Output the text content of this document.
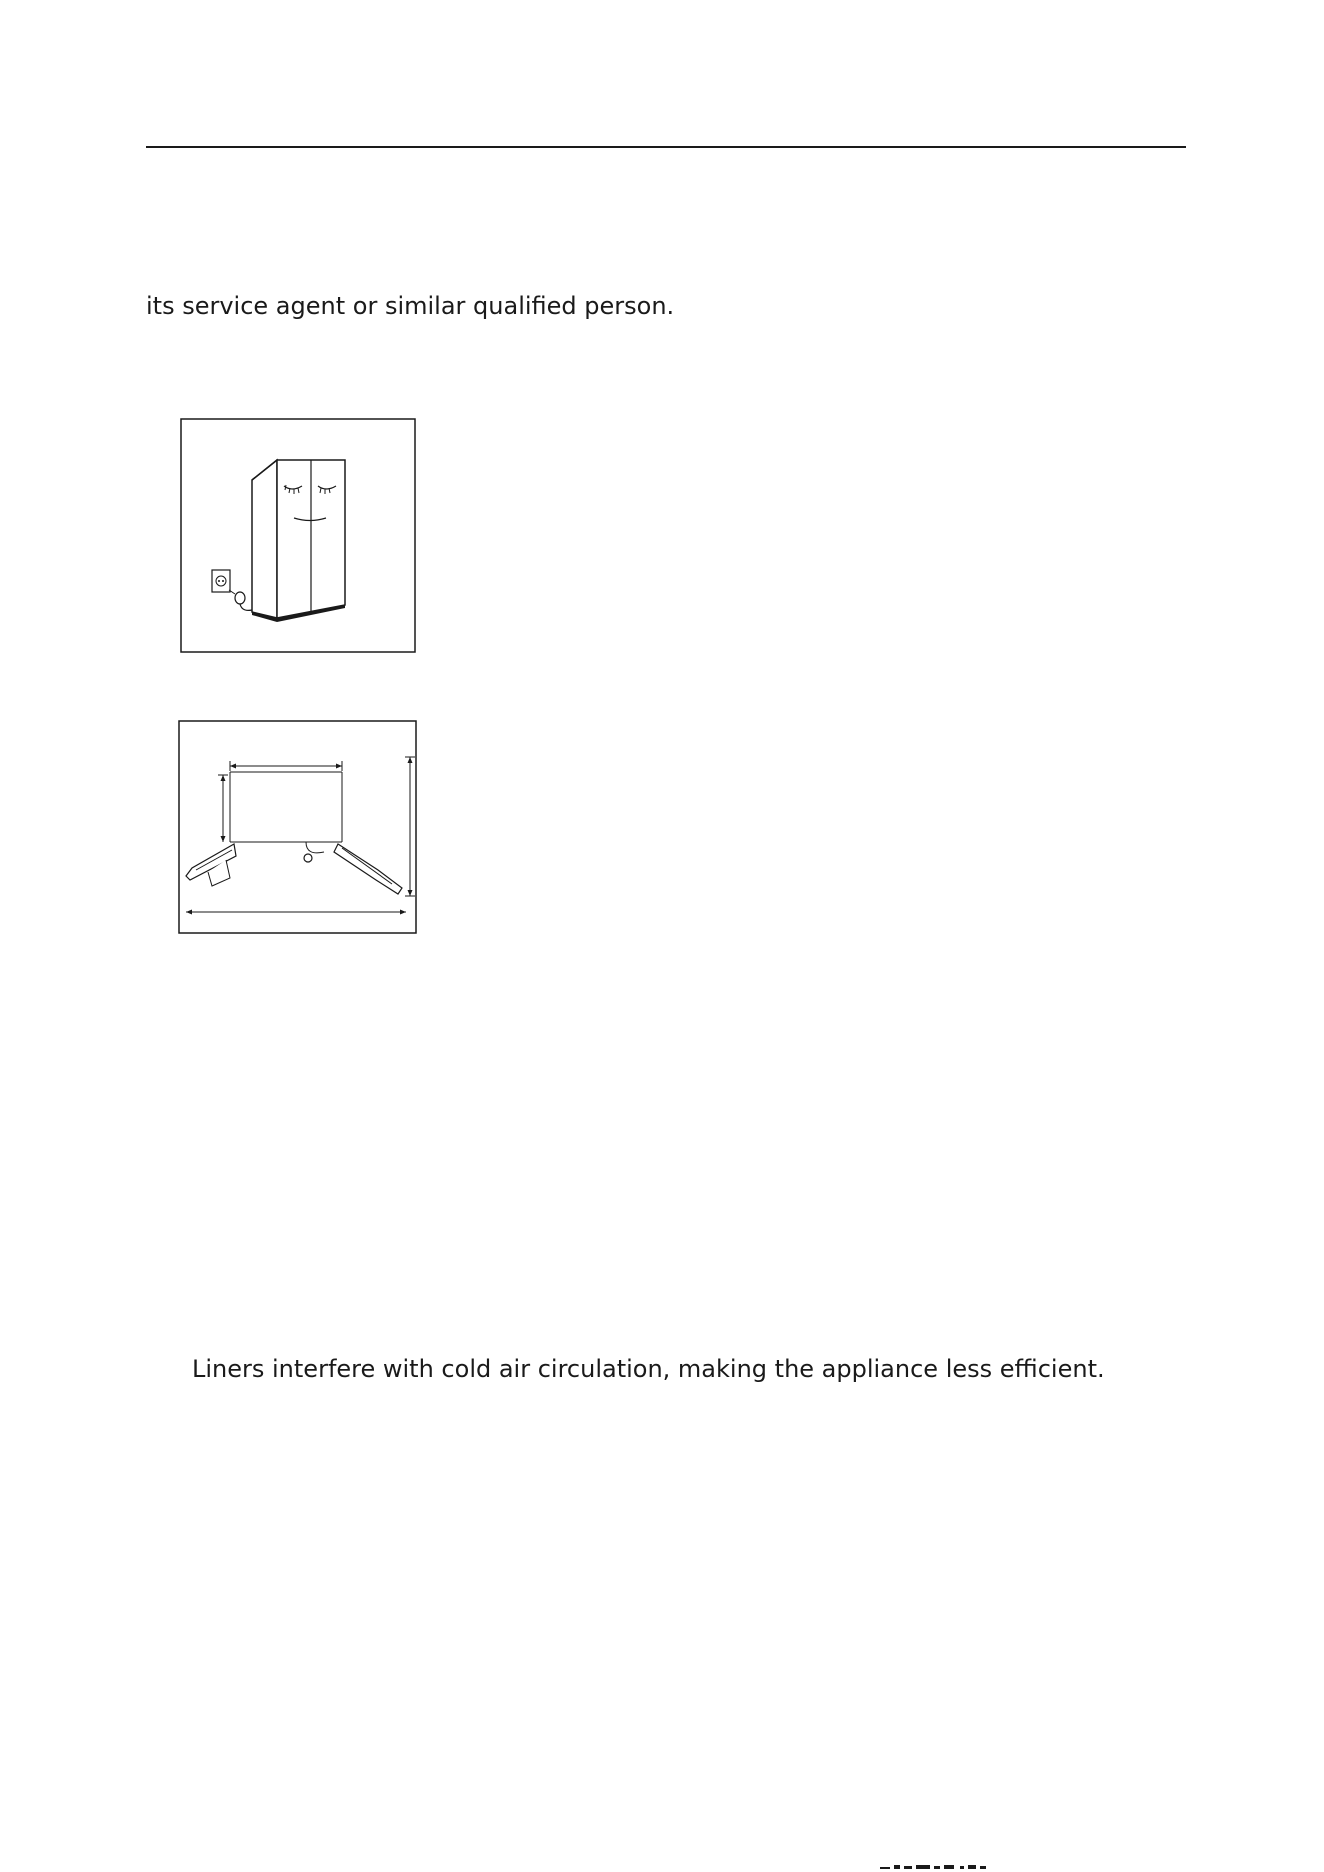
its service agent or similar qualified person.
Liners interfere with cold air circulation, making the appliance less efficient.
